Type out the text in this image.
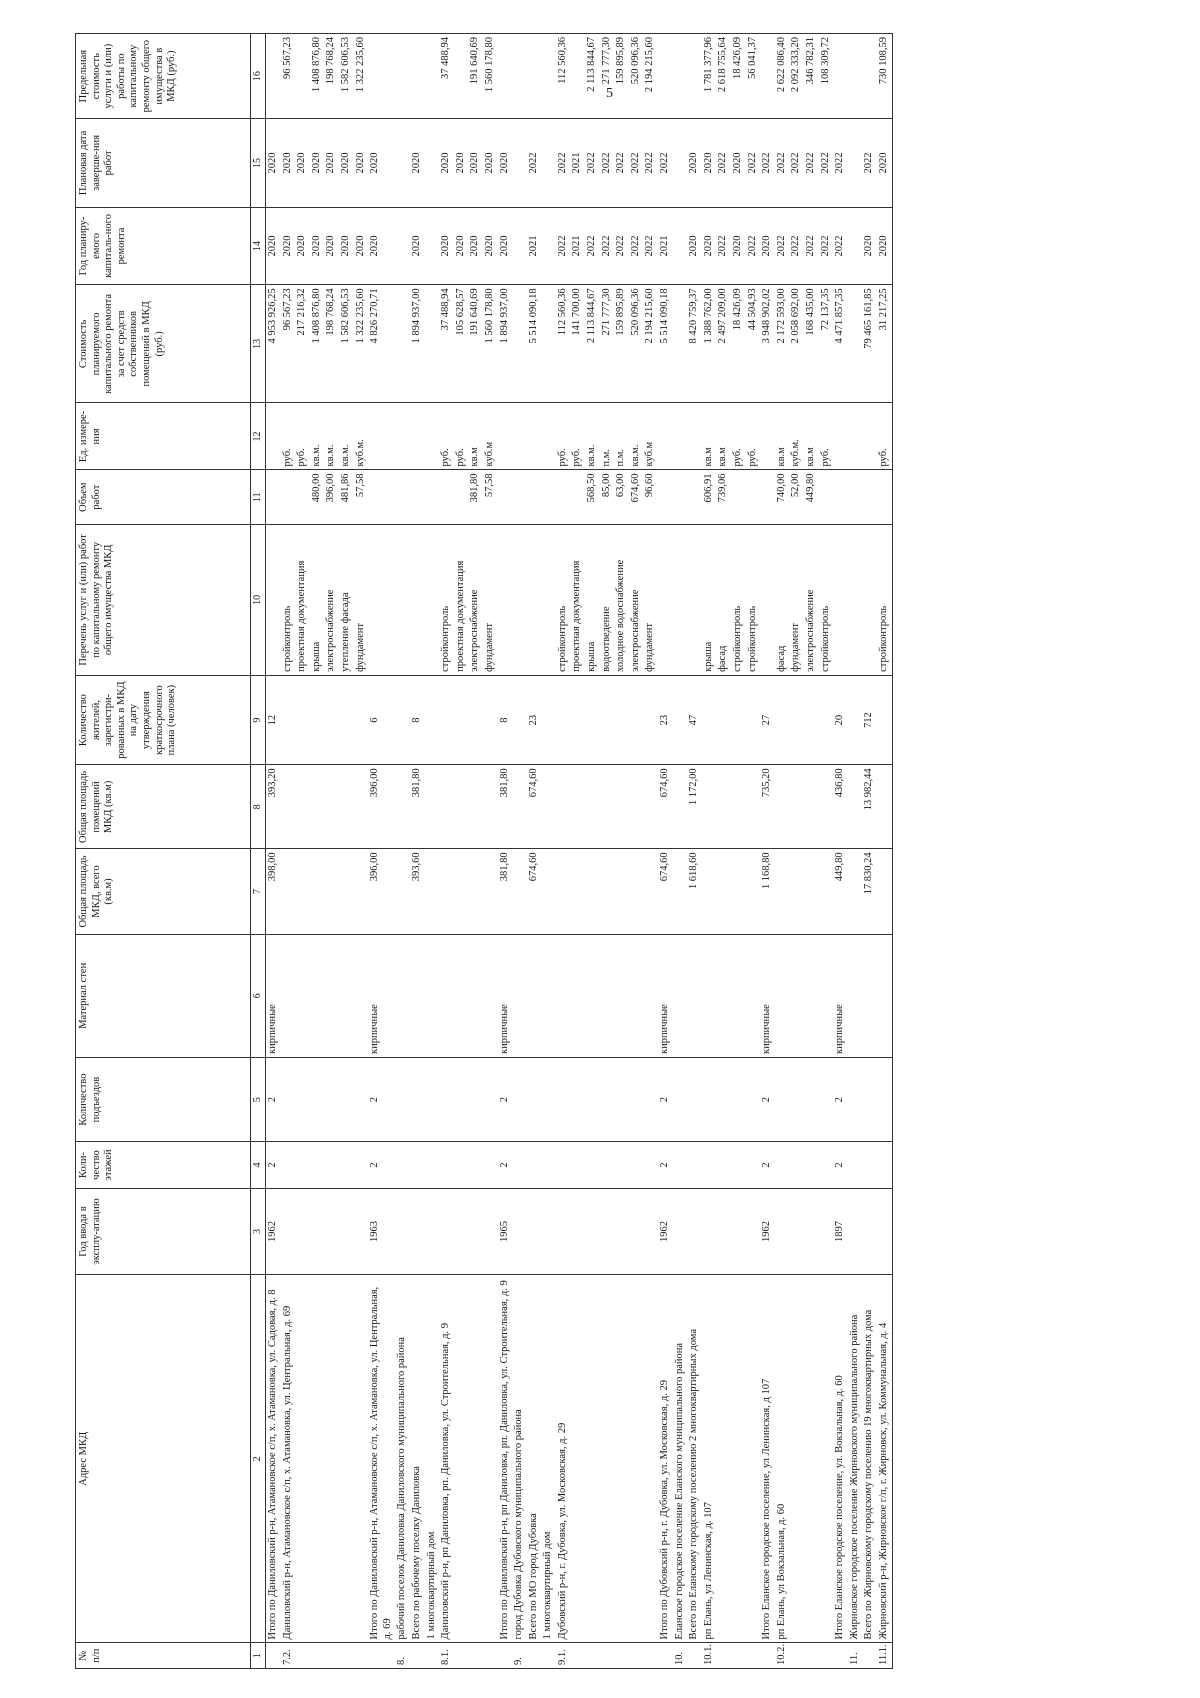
5
№ п/п	Адрес МКД	Год ввода в эксплу-атацию	Коли-чество этажей	Количество подъездов	Материал стен	Общая площадь МКД, всего (кв.м)	Общая площадь помещений МКД (кв.м)	Количество жителей, зарегистри-рованных в МКД на дату утверждения краткосрочного плана (человек)	Перечень услуг и (или) работ по капитальному ремонту общего имущества МКД	Объем работ	Ед. измере-ния	Стоимость планируемого капитального ремонта за счет средств собственников помещений в МКД (руб.)	Год планиру-емого капиталь-ного ремонта	Плановая дата заверше-ния работ	Предельная стоимость услуги и (или) работы по капитальному ремонту общего имущества в МКД (руб.)
1	2	3	4	5	6	7	8	9	10	11	12	13	14	15	16
	Итого по Даниловский р-н, Атамановское с/п, х. Атамановка, ул. Садовая, д. 8	1962	2	2	кирпичные	398,00	393,20	12				4 953 926,25	2020	2020	
7.2.	Даниловский р-н, Атамановское с/п, х. Атамановка, ул. Центральная, д. 69								стройконтроль		руб.	96 567,23	2020	2020	96 567,23
									проектная документация		руб.	217 216,32	2020	2020	
									крыша	480,00	кв.м.	1 408 876,80	2020	2020	1 408 876,80
									электроснабжение	396,00	кв.м.	198 768,24	2020	2020	198 768,24
									утепление фасада	481,86	кв.м.	1 582 606,53	2020	2020	1 582 606,53
									фундамент	57,58	куб.м.	1 322 235,60	2020	2020	1 322 235,60
	Итого по Даниловский р-н, Атамановское с/п, х. Атамановка, ул. Центральная, д. 69	1963	2	2	кирпичные	396,00	396,00	6				4 826 270,71	2020	2020	
8.	рабочий поселок Даниловка Даниловского муниципального района														
	Всего по рабочему поселку Даниловка					393,60	381,80	8				1 894 937,00	2020	2020	
	1 многоквартирный дом														
8.1.	Даниловский р-н, рп Даниловка, рп. Даниловка, ул. Строительная, д. 9								стройконтроль		руб.	37 488,94	2020	2020	37 488,94
									проектная документация		руб.	105 628,57	2020	2020	
									электроснабжение	381,80	кв.м	191 640,69	2020	2020	191 640,69
									фундамент	57,58	куб.м	1 560 178,80	2020	2020	1 560 178,80
	Итого по Даниловский р-н, рп Даниловка, рп. Даниловка, ул. Строительная, д. 9	1965	2	2	кирпичные	381,80	381,80	8				1 894 937,00	2020	2020	
9.	город Дубовка Дубовского муниципального района														
	Всего по МО город Дубовка					674,60	674,60	23				5 514 090,18	2021	2022	
	1 многоквартирный дом														
9.1.	Дубовский р-н, г. Дубовка, ул. Московская, д. 29								стройконтроль		руб.	112 560,36	2022	2022	112 560,36
									проектная документация		руб.	141 700,00	2021	2021	
									крыша	568,50	кв.м.	2 113 844,67	2022	2022	2 113 844,67
									водоотведение	85,00	п.м.	271 777,30	2022	2022	271 777,30
									холодное водоснабжение	63,00	п.м.	159 895,89	2022	2022	159 895,89
									электроснабжение	674,60	кв.м.	520 096,36	2022	2022	520 096,36
									фундамент	96,60	куб.м	2 194 215,60	2022	2022	2 194 215,60
	Итого по Дубовский р-н, г. Дубовка, ул. Московская, д. 29	1962	2	2	кирпичные	674,60	674,60	23				5 514 090,18	2021	2022	
10.	Еланское городское поселение Еланского муниципального района														
	Всего по Еланскому городскому поселению 2 многоквартирных дома					1 618,60	1 172,00	47				8 420 759,37	2020	2020	
10.1.	рп Елань, ул Ленинская, д. 107								крыша	606,91	кв.м	1 388 762,00	2020	2020	1 781 377,96
									фасад	739,06	кв.м	2 497 209,00	2022	2022	2 618 755,64
									стройконтроль		руб.	18 426,09	2020	2020	18 426,09
									стройконтроль		руб.	44 504,93	2022	2022	56 041,37
	Итого Еланское городское поселение, ул Ленинская, д 107	1962	2	2	кирпичные	1 168,80	735,20	27				3 948 902,02	2020	2022	
10.2.	рп Елань, ул Вокзальная, д. 60								фасад	740,00	кв.м	2 172 593,00	2022	2022	2 622 086,40
									фундамент	52,00	куб.м.	2 058 692,00	2022	2022	2 092 333,20
									электроснабжение	449,80	кв.м	168 435,00	2022	2022	346 782,31
									стройконтроль		руб.	72 137,35	2022	2022	108 309,72
	Итого Еланское городское поселение, ул. Вокзальная, д. 60	1897	2	2	кирпичные	449,80	436,80	20				4 471 857,35	2022	2022	
11.	Жирновское городское поселение Жирновского муниципального района														
	Всего по Жирновскому городскому поселению 19 многоквартирных дома					17 830,24	13 982,44	712				79 465 161,85	2020	2022	
11.1.	Жирновский р-н, Жирновское г/п, г. Жирновск, ул. Коммунальная, д. 4								стройконтроль		руб.	31 217,25	2020	2020	730 108,59
